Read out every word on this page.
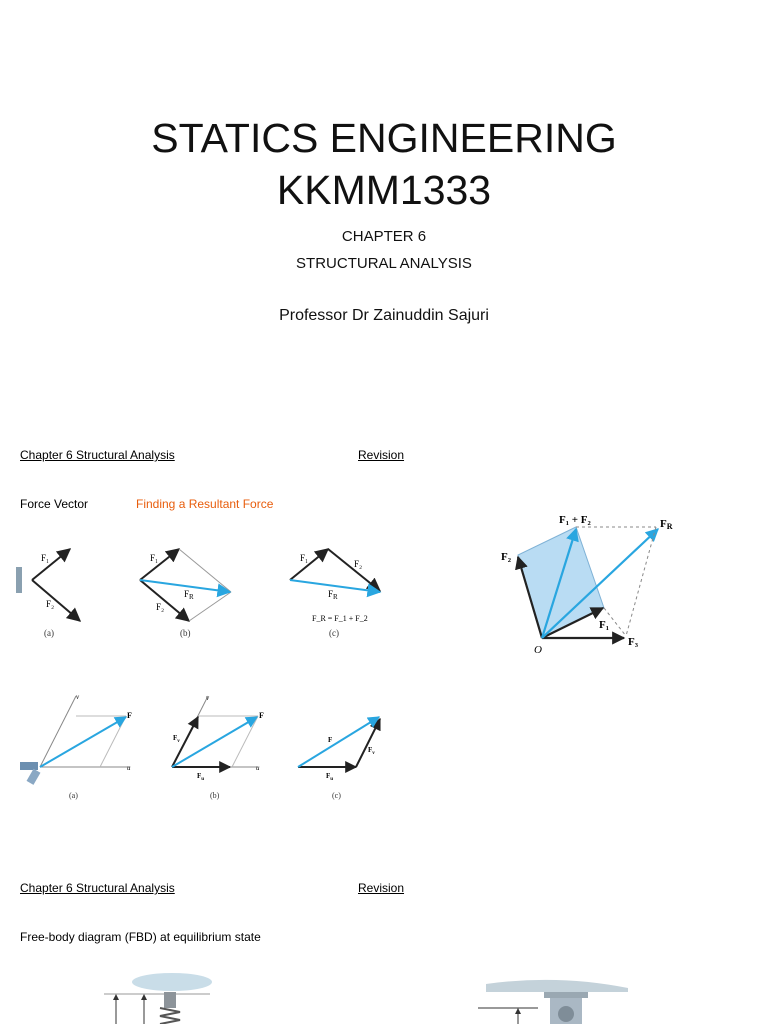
STATICS ENGINEERING
KKMM1333
CHAPTER 6
STRUCTURAL ANALYSIS
Professor Dr Zainuddin Sajuri
Chapter 6 Structural Analysis	Revision
Force Vector	Finding a Resultant Force
F₁
F₂
(a)
F₁
F₂
$F_R$
(b)
F₁
F₂
$F_R$
F_R = F_1 + F_2
(c)
F₁ + F₂	FR
F₂
F₁
F₃
O
F
v
u
(a)
F
$F_v$
$F_u$
v
u
(b)
F
$F_v$
$F_u$
(c)
Chapter 6 Structural Analysis	Revision
Free-body diagram (FBD) at equilibrium state
